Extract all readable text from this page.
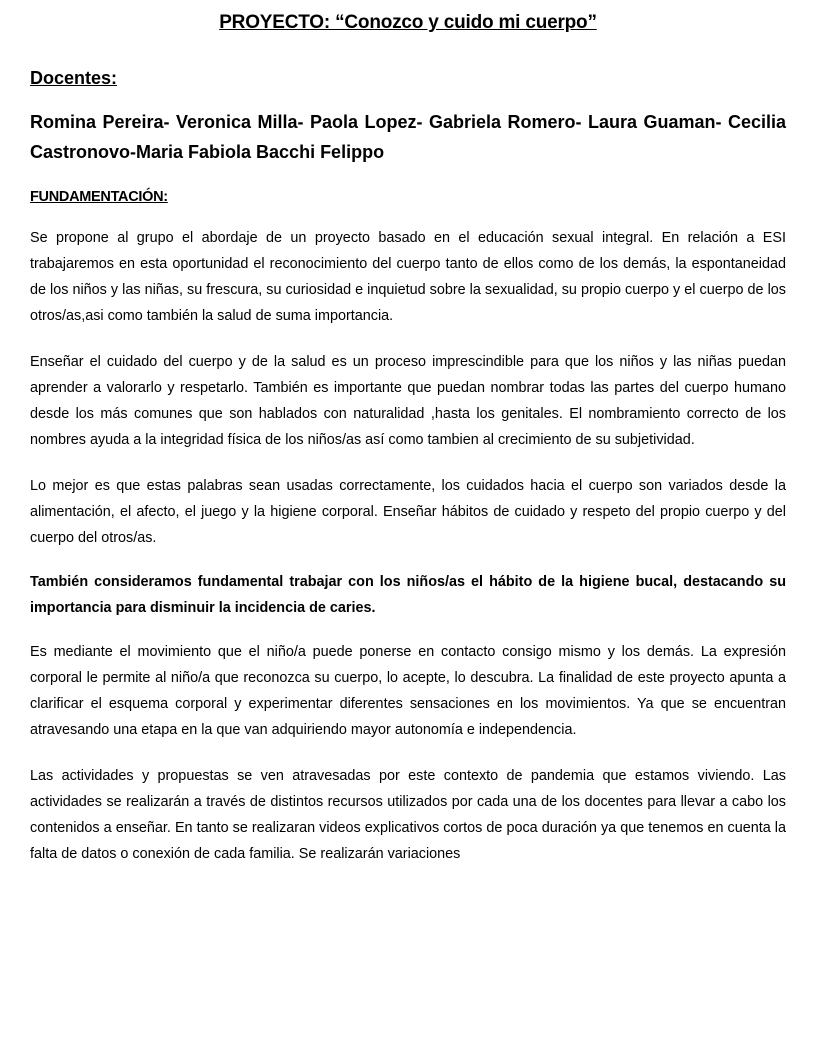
PROYECTO: “Conozco y cuido mi cuerpo”

Docentes:

Romina Pereira- Veronica Milla- Paola Lopez- Gabriela Romero- Laura Guaman- Cecilia Castronovo-Maria Fabiola Bacchi Felippo

FUNDAMENTACIÓN:

Se propone al grupo el abordaje de un proyecto basado en el educación sexual integral. En relación a ESI trabajaremos en esta oportunidad el reconocimiento del cuerpo tanto de ellos como de los demás, la espontaneidad de los niños y las niñas, su frescura, su curiosidad e inquietud sobre la sexualidad, su propio cuerpo y el cuerpo de los otros/as,asi como también la salud de suma importancia.

Enseñar el cuidado del cuerpo y de la salud es un proceso imprescindible para que los niños y las niñas puedan aprender a valorarlo y respetarlo. También es importante que puedan nombrar todas las partes del cuerpo humano desde los más comunes que son hablados con naturalidad ,hasta los genitales. El nombramiento correcto de los nombres ayuda a la integridad física de los niños/as así como tambien al crecimiento de su subjetividad.

Lo mejor es que estas palabras sean usadas correctamente, los cuidados hacia el cuerpo son variados desde la alimentación, el afecto, el juego y la higiene corporal. Enseñar hábitos de cuidado y respeto del propio cuerpo y del cuerpo del otros/as.

También consideramos fundamental trabajar con los niños/as el hábito de la higiene bucal, destacando su importancia para disminuir la incidencia de caries.

Es mediante el movimiento que el niño/a puede ponerse en contacto consigo mismo y los demás. La expresión corporal le permite al niño/a que reconozca su cuerpo, lo acepte, lo descubra. La finalidad de este proyecto apunta a clarificar el esquema corporal y experimentar diferentes sensaciones en los movimientos. Ya que se encuentran atravesando una etapa en la que van adquiriendo mayor autonomía e independencia.

Las actividades y propuestas se ven atravesadas por este contexto de pandemia que estamos viviendo. Las actividades se realizarán a través de distintos recursos utilizados por cada una de los docentes para llevar a cabo los contenidos a enseñar. En tanto se realizaran videos explicativos cortos de poca duración ya que tenemos en cuenta la falta de datos o conexión de cada familia. Se realizarán variaciones
